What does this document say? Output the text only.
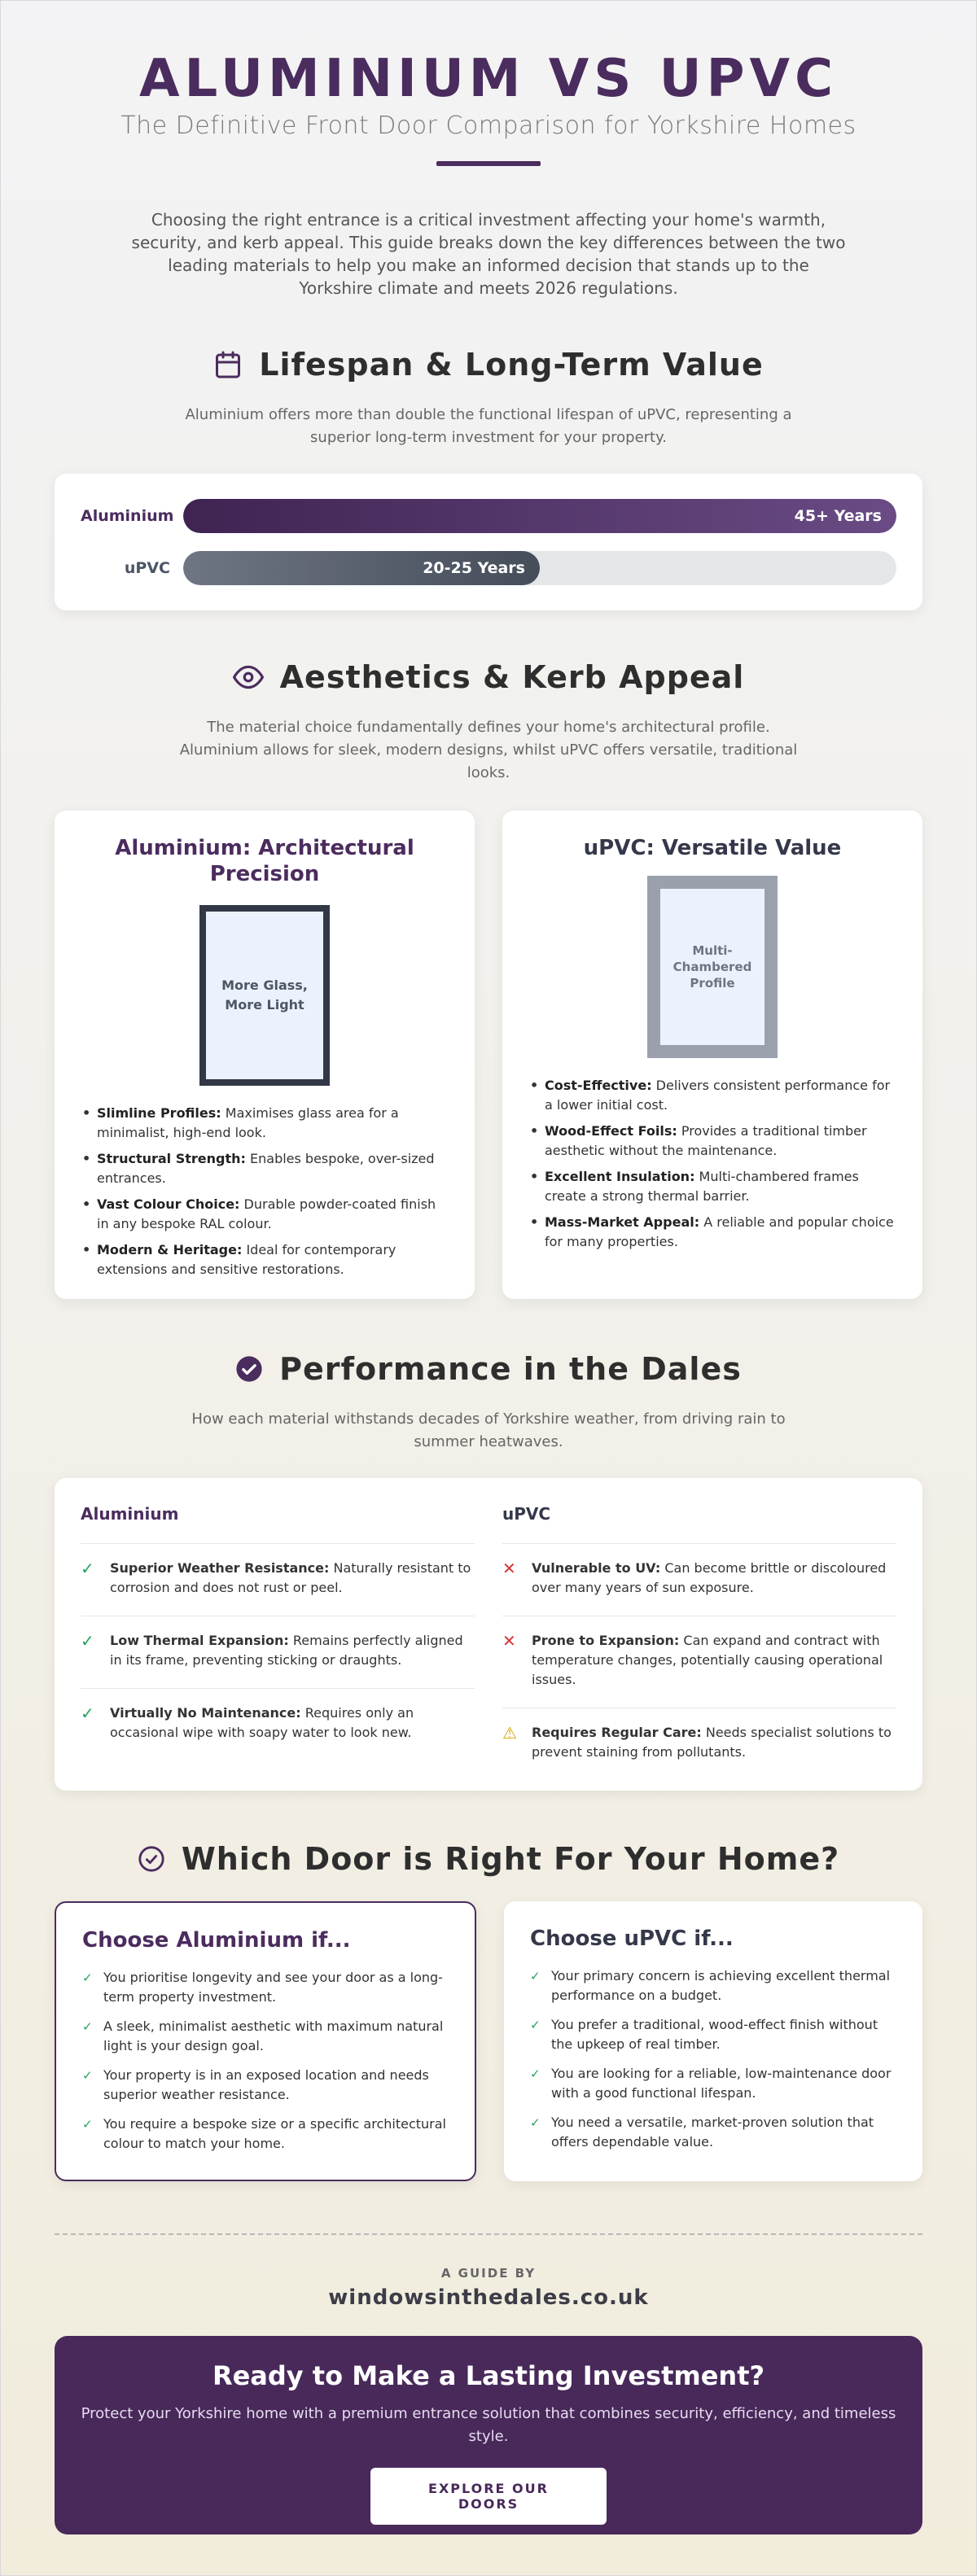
ALUMINIUM VS UPVC
The Definitive Front Door Comparison for Yorkshire Homes

Choosing the right entrance is a critical investment affecting your home's warmth, security, and kerb appeal. This guide breaks down the key differences between the two leading materials to help you make an informed decision that stands up to the Yorkshire climate and meets 2026 regulations.

Lifespan & Long-Term Value

Aluminium offers more than double the functional lifespan of uPVC, representing a superior long-term investment for your property.

Aluminium	45+ Years
uPVC	20-25 Years
Aesthetics & Kerb Appeal

The material choice fundamentally defines your home's architectural profile. Aluminium allows for sleek, modern designs, whilst uPVC offers versatile, traditional looks.

Aluminium: Architectural Precision
More Glass, More Light
• Slimline Profiles: Maximises glass area for a minimalist, high-end look.
• Structural Strength: Enables bespoke, over-sized entrances.
• Vast Colour Choice: Durable powder-coated finish in any bespoke RAL colour.
• Modern & Heritage: Ideal for contemporary extensions and sensitive restorations.
uPVC: Versatile Value
Multi-Chambered Profile
• Cost-Effective: Delivers consistent performance for a lower initial cost.
• Wood-Effect Foils: Provides a traditional timber aesthetic without the maintenance.
• Excellent Insulation: Multi-chambered frames create a strong thermal barrier.
• Mass-Market Appeal: A reliable and popular choice for many properties.
Performance in the Dales

How each material withstands decades of Yorkshire weather, from driving rain to summer heatwaves.

Aluminium
✓	Superior Weather Resistance: Naturally resistant to corrosion and does not rust or peel.
✓	Low Thermal Expansion: Remains perfectly aligned in its frame, preventing sticking or draughts.
✓	Virtually No Maintenance: Requires only an occasional wipe with soapy water to look new.
uPVC
✕	Vulnerable to UV: Can become brittle or discoloured over many years of sun exposure.
✕	Prone to Expansion: Can expand and contract with temperature changes, potentially causing operational issues.
⚠ Requires Regular Care: Needs specialist solutions to prevent staining from pollutants.
Which Door is Right For Your Home?
Choose Aluminium if...
✓ You prioritise longevity and see your door as a long-term property investment.
✓ A sleek, minimalist aesthetic with maximum natural light is your design goal.
✓ Your property is in an exposed location and needs superior weather resistance.
✓ You require a bespoke size or a specific architectural colour to match your home.
Choose uPVC if...
✓ Your primary concern is achieving excellent thermal performance on a budget.
✓ You prefer a traditional, wood-effect finish without the upkeep of real timber.
✓ You are looking for a reliable, low-maintenance door with a good functional lifespan.
✓ You need a versatile, market-proven solution that offers dependable value.
A GUIDE BY
windowsinthedales.co.uk
Ready to Make a Lasting Investment?

Protect your Yorkshire home with a premium entrance solution that combines security, efficiency, and timeless style.

EXPLORE OUR DOORS
